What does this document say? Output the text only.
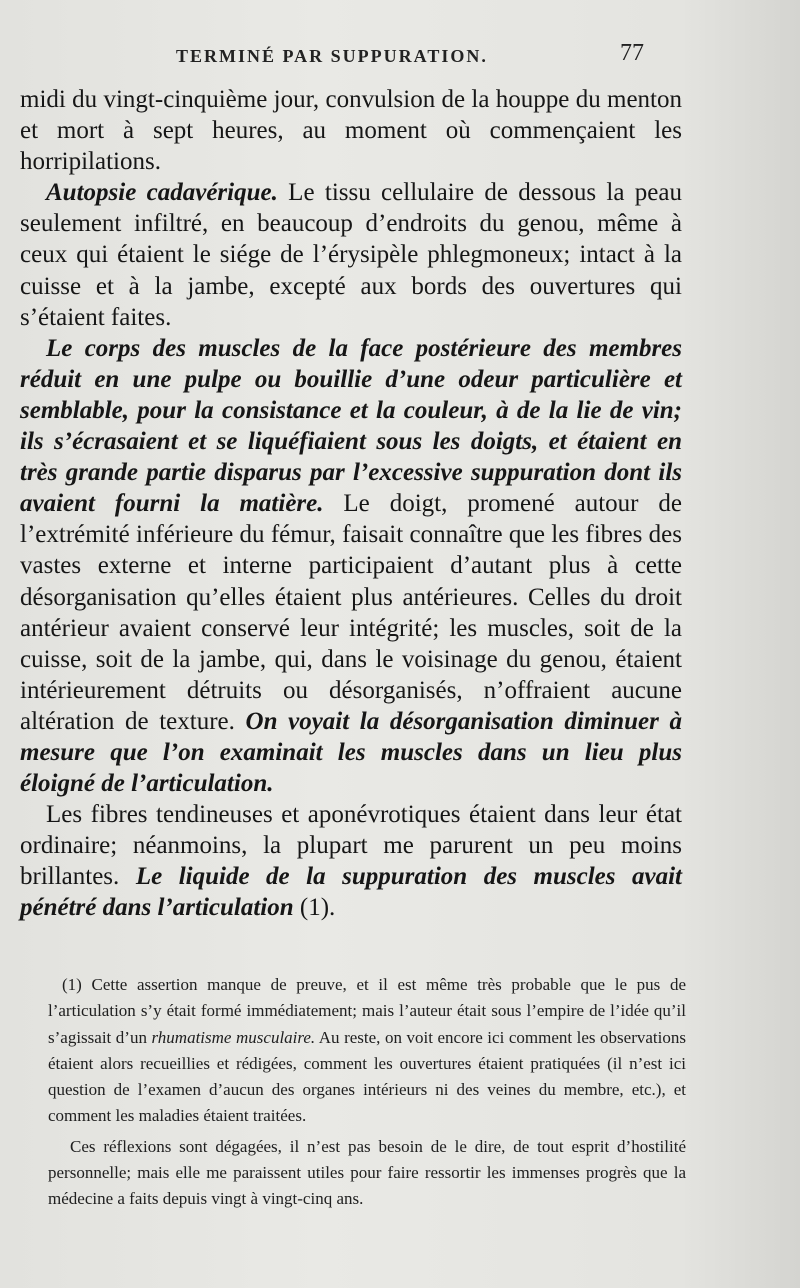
TERMINÉ PAR SUPPURATION.	77

midi du vingt-cinquième jour, convulsion de la houppe du menton et mort à sept heures, au moment où commençaient les horripilations.

Autopsie cadavérique. Le tissu cellulaire de dessous la peau seulement infiltré, en beaucoup d’endroits du genou, même à ceux qui étaient le siége de l’érysipèle phlegmoneux; intact à la cuisse et à la jambe, excepté aux bords des ouvertures qui s’étaient faites.

Le corps des muscles de la face postérieure des membres réduit en une pulpe ou bouillie d’une odeur particulière et semblable, pour la consistance et la couleur, à de la lie de vin; ils s’écrasaient et se liquéfiaient sous les doigts, et étaient en très grande partie disparus par l’excessive suppuration dont ils avaient fourni la matière. Le doigt, promené autour de l’extrémité inférieure du fémur, faisait connaître que les fibres des vastes externe et interne participaient d’autant plus à cette désorganisation qu’elles étaient plus antérieures. Celles du droit antérieur avaient conservé leur intégrité; les muscles, soit de la cuisse, soit de la jambe, qui, dans le voisinage du genou, étaient intérieurement détruits ou désorganisés, n’offraient aucune altération de texture. On voyait la désorganisation diminuer à mesure que l’on examinait les muscles dans un lieu plus éloigné de l’articulation.

Les fibres tendineuses et aponévrotiques étaient dans leur état ordinaire; néanmoins, la plupart me parurent un peu moins brillantes. Le liquide de la suppuration des muscles avait pénétré dans l’articulation (1).

(1) Cette assertion manque de preuve, et il est même très probable que le pus de l’articulation s’y était formé immédiatement; mais l’auteur était sous l’empire de l’idée qu’il s’agissait d’un rhumatisme musculaire. Au reste, on voit encore ici comment les observations étaient alors recueillies et rédigées, comment les ouvertures étaient pratiquées (il n’est ici question de l’examen d’aucun des organes intérieurs ni des veines du membre, etc.), et comment les maladies étaient traitées.

Ces réflexions sont dégagées, il n’est pas besoin de le dire, de tout esprit d’hostilité personnelle; mais elle me paraissent utiles pour faire ressortir les immenses progrès que la médecine a faits depuis vingt à vingt-cinq ans.
